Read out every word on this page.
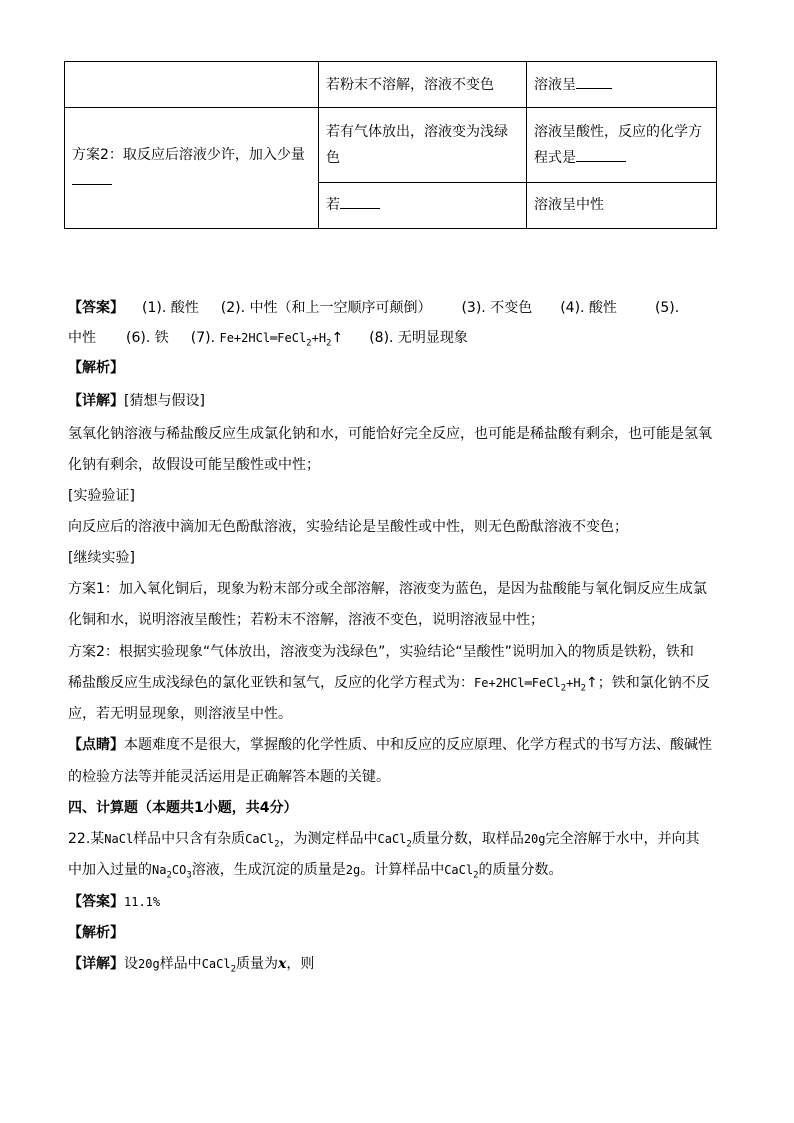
	若粉末不溶解，溶液不变色	溶液呈
方案2：取反应后溶液少许，加入少量	若有气体放出，溶液变为浅绿色	溶液呈酸性，反应的化学方程式是
	若	溶液呈中性
【答案】 (1). 酸性 (2). 中性（和上一空顺序可颠倒） (3). 不变色 (4). 酸性	(5).
中性 (6). 铁 (7). $Fe+2HCl═FeCl_2+H_2↑$ (8). 无明显现象
【解析】
【详解】[猜想与假设]
氢氧化钠溶液与稀盐酸反应生成氯化钠和水，可能恰好完全反应，也可能是稀盐酸有剩余，也可能是氢氧
化钠有剩余，故假设可能呈酸性或中性；
[实验验证]
向反应后的溶液中滴加无色酚酞溶液，实验结论是呈酸性或中性，则无色酚酞溶液不变色；
[继续实验]
方案1：加入氧化铜后，现象为粉末部分或全部溶解，溶液变为蓝色，是因为盐酸能与氧化铜反应生成氯
化铜和水，说明溶液呈酸性；若粉末不溶解，溶液不变色，说明溶液显中性；
方案2：根据实验现象“气体放出，溶液变为浅绿色”，实验结论“呈酸性”说明加入的物质是铁粉，铁和
稀盐酸反应生成浅绿色的氯化亚铁和氢气，反应的化学方程式为：$Fe+2HCl═FeCl_2+H_2↑$；铁和氯化钠不反
应，若无明显现象，则溶液呈中性。
【点睛】本题难度不是很大，掌握酸的化学性质、中和反应的反应原理、化学方程式的书写方法、酸碱性
的检验方法等并能灵活运用是正确解答本题的关键。
四、计算题（本题共1小题，共4分）
22.某NaCl样品中只含有杂质CaCl$_2$，为测定样品中CaCl$_2$质量分数，取样品20g完全溶解于水中，并向其
中加入过量的$Na_2CO_3$溶液，生成沉淀的质量是2g。计算样品中CaCl$_2$的质量分数。
【答案】11.1%
【解析】
【详解】设20g样品中CaCl$_2$质量为x，则
